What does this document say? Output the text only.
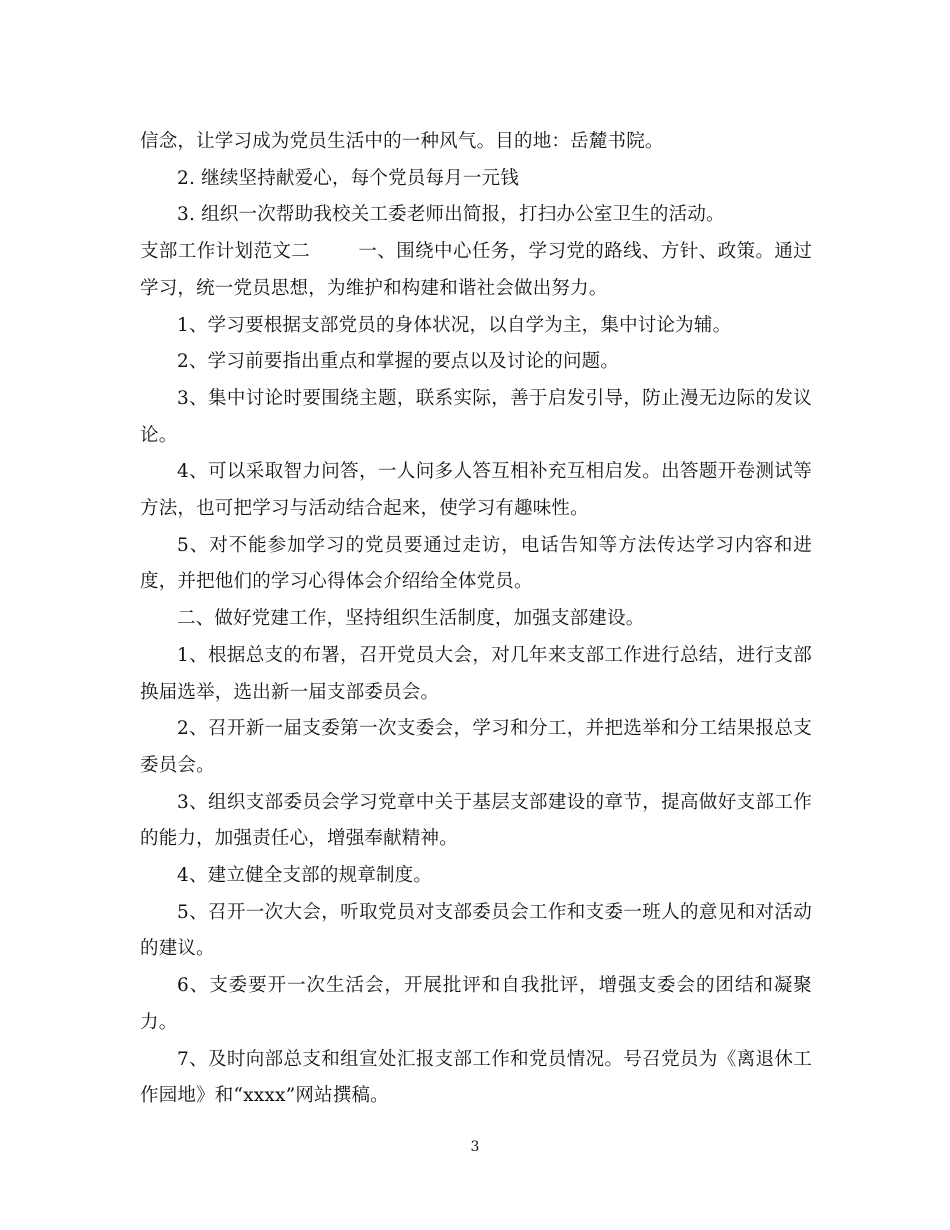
信念，让学习成为党员生活中的一种风气。目的地：岳麓书院。

2. 继续坚持献爱心，每个党员每月一元钱

3. 组织一次帮助我校关工委老师出简报，打扫办公室卫生的活动。

支部工作计划范文二	一、围绕中心任务，学习党的路线、方针、政策。通过学习，统一党员思想，为维护和构建和谐社会做出努力。

1、学习要根据支部党员的身体状况，以自学为主，集中讨论为辅。

2、学习前要指出重点和掌握的要点以及讨论的问题。

3、集中讨论时要围绕主题，联系实际，善于启发引导，防止漫无边际的发议论。

4、可以采取智力问答，一人问多人答互相补充互相启发。出答题开卷测试等方法，也可把学习与活动结合起来，使学习有趣味性。

5、对不能参加学习的党员要通过走访，电话告知等方法传达学习内容和进度，并把他们的学习心得体会介绍给全体党员。

二、做好党建工作，坚持组织生活制度，加强支部建设。

1、根据总支的布署，召开党员大会，对几年来支部工作进行总结，进行支部换届选举，选出新一届支部委员会。

2、召开新一届支委第一次支委会，学习和分工，并把选举和分工结果报总支委员会。

3、组织支部委员会学习党章中关于基层支部建设的章节，提高做好支部工作的能力，加强责任心，增强奉献精神。

4、建立健全支部的规章制度。

5、召开一次大会，听取党员对支部委员会工作和支委一班人的意见和对活动的建议。

6、支委要开一次生活会，开展批评和自我批评，增强支委会的团结和凝聚力。

7、及时向部总支和组宣处汇报支部工作和党员情况。号召党员为《离退休工作园地》和“xxxx”网站撰稿。

3
